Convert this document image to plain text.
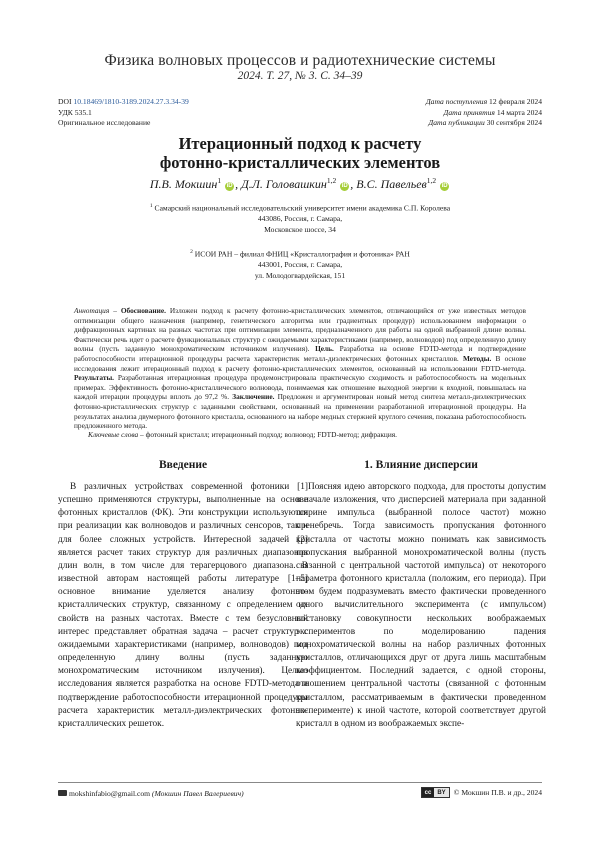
Физика волновых процессов и радиотехнические системы
2024. Т. 27, № 3. С. 34–39
DOI 10.18469/1810-3189.2024.27.3.34-39
УДК 535.1
Оригинальное исследование
Дата поступления 12 февраля 2024
Дата принятия 14 марта 2024
Дата публикации 30 сентября 2024
Итерационный подход к расчету
фотонно-кристаллических элементов
П.В. Мокшин$^1$ iD , Д.Л. Головашкин$^{1,2}$ iD , В.С. Павельев$^{1,2}$ iD
$^1$ Самарский национальный исследовательский университет имени академика С.П. Королева
443086, Россия, г. Самара,
Московское шоссе, 34
$^2$ ИСОИ РАН – филиал ФНИЦ «Кристаллография и фотоника» РАН
443001, Россия, г. Самара,
ул. Молодогвардейская, 151
Аннотация – Обоснование. Изложен подход к расчету фотонно-кристаллических элементов, отличающийся от уже известных методов оптимизации общего назначения (например, генетического алгоритма или градиентных процедур) использованием информации о дифракционных картинах на разных частотах при оптимизации элемента, предназначенного для работы на одной выбранной длине волны. Фактически речь идет о расчете функциональных структур с ожидаемыми характеристиками (например, волноводов) под определенную длину волны (пусть заданную монохроматическим источником излучения). Цель. Разработка на основе FDTD-метода и подтверждение работоспособности итерационной процедуры расчета характеристик металл-диэлектрических фотонных кристаллов. Методы. В основе исследования лежит итерационный подход к расчету фотонно-кристаллических элементов, основанный на использовании FDTD-метода. Результаты. Разработанная итерационная процедура продемонстрировала практическую сходимость и работоспособность на модельных примерах. Эффективность фотонно-кристаллического волновода, понимаемая как отношение выходной энергии к входной, повышалась на каждой итерации процедуры вплоть до 97,2 %. Заключение. Предложен и аргументирован новый метод синтеза металл-диэлектрических фотонно-кристаллических структур с заданными свойствами, основанный на применении разработанной итерационной процедуры. На результатах анализа двумерного фотонного кристалла, основанного на наборе медных стержней круглого сечения, показана работоспособность предложенного метода.
Ключевые слова – фотонный кристалл; итерационный подход; волновод; FDTD-метод; дифракция.
Введение

В различных устройствах современной фотоники [1] успешно применяются структуры, выполненные на основе фотонных кристаллов (ФК). Эти конструкции используются при реализации как волноводов и различных сенсоров, так и для более сложных устройств. Интересной задачей [2] является расчет таких структур для различных диапазонов длин волн, в том числе для терагерцового диапазона. В известной авторам настоящей работы литературе [1–5] основное внимание уделяется анализу фотонно-кристаллических структур, связанному с определением их свойств на разных частотах. Вместе с тем безусловный интерес представляет обратная задача – расчет структур с ожидаемыми характеристиками (например, волноводов) под определенную длину волны (пусть заданную монохроматическим источником излучения). Целью исследования является разработка на основе FDTD-метода и подтверждение работоспособности итерационной процедуры расчета характеристик металл-диэлектрических фотонно-кристаллических решеток.

1. Влияние дисперсии

Поясняя идею авторского подхода, для простоты допустим в начале изложения, что дисперсией материала при заданной ширине импульса (выбранной полосе частот) можно пренебречь. Тогда зависимость пропускания фотонного кристалла от частоты можно понимать как зависимость пропускания выбранной монохроматической волны (пусть связанной с центральной частотой импульса) от некоторого параметра фотонного кристалла (положим, его периода). При этом будем подразумевать вместо фактически проведенного одного вычислительного эксперимента (с импульсом) постановку совокупности нескольких воображаемых экспериментов по моделированию падения монохроматической волны на набор различных фотонных кристаллов, отличающихся друг от друга лишь масштабным коэффициентом. Последний задается, с одной стороны, отношением центральной частоты (связанной с фотонным кристаллом, рассматриваемым в фактически проведенном эксперименте) к иной частоте, которой соответствует другой кристалл в одном из воображаемых экспе-

mokshinfabio@gmail.com (Мокшин Павел Валериевич)	cc	BY	© Мокшин П.В. и др., 2024
